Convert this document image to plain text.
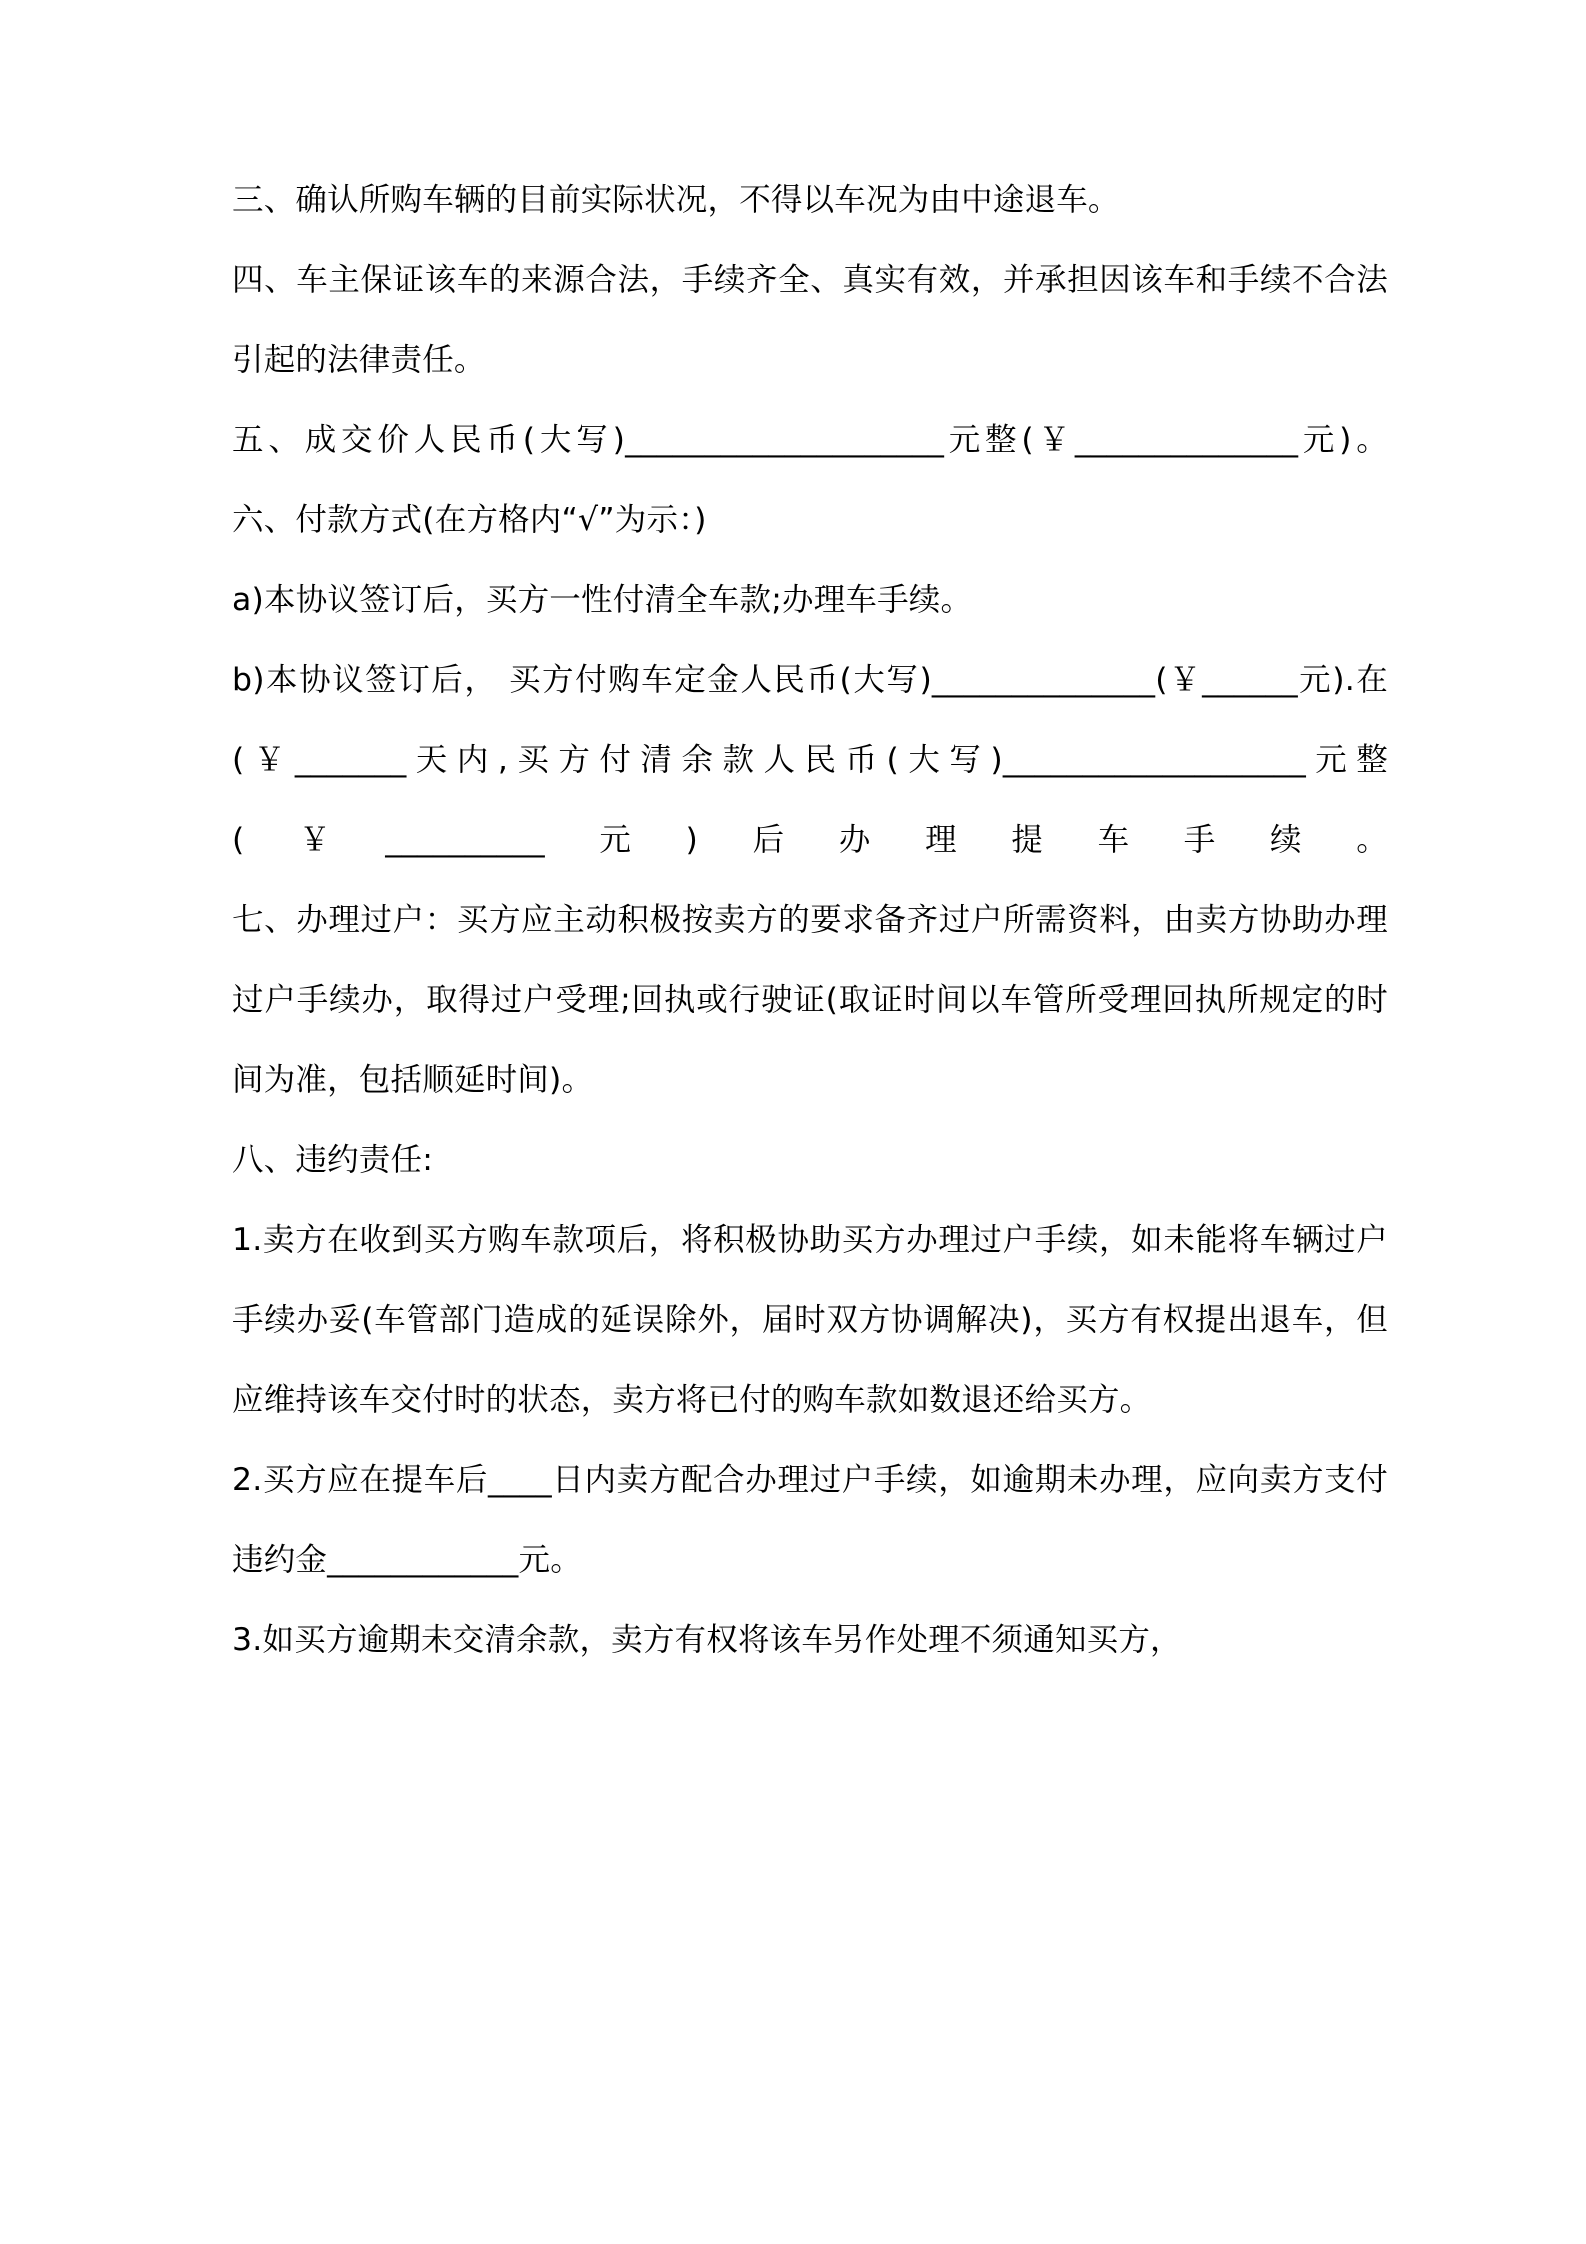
三、确认所购车辆的目前实际状况，不得以车况为由中途退车。

四、车主保证该车的来源合法，手续齐全、真实有效，并承担因该车和手续不合法引起的法律责任。

五、成交价人民币(大写)____________________元整(￥______________元)。

六、付款方式(在方格内“√”为示：)

a)本协议签订后，买方一性付清全车款;办理车手续。

b)本协议签订后， 买方付购车定金人民币(大写)______________(￥______元).在(￥_______天内,买方付清余款人民币(大写)___________________元整(￥__________元)后办理提车手续。

七、办理过户：买方应主动积极按卖方的要求备齐过户所需资料，由卖方协助办理过户手续办，取得过户受理;回执或行驶证(取证时间以车管所受理回执所规定的时间为准，包括顺延时间)。

八、违约责任:

1.卖方在收到买方购车款项后，将积极协助买方办理过户手续，如未能将车辆过户手续办妥(车管部门造成的延误除外，届时双方协调解决)，买方有权提出退车，但应维持该车交付时的状态，卖方将已付的购车款如数退还给买方。

2.买方应在提车后____日内卖方配合办理过户手续，如逾期未办理，应向卖方支付违约金____________元。

3.如买方逾期未交清余款，卖方有权将该车另作处理不须通知买方，
